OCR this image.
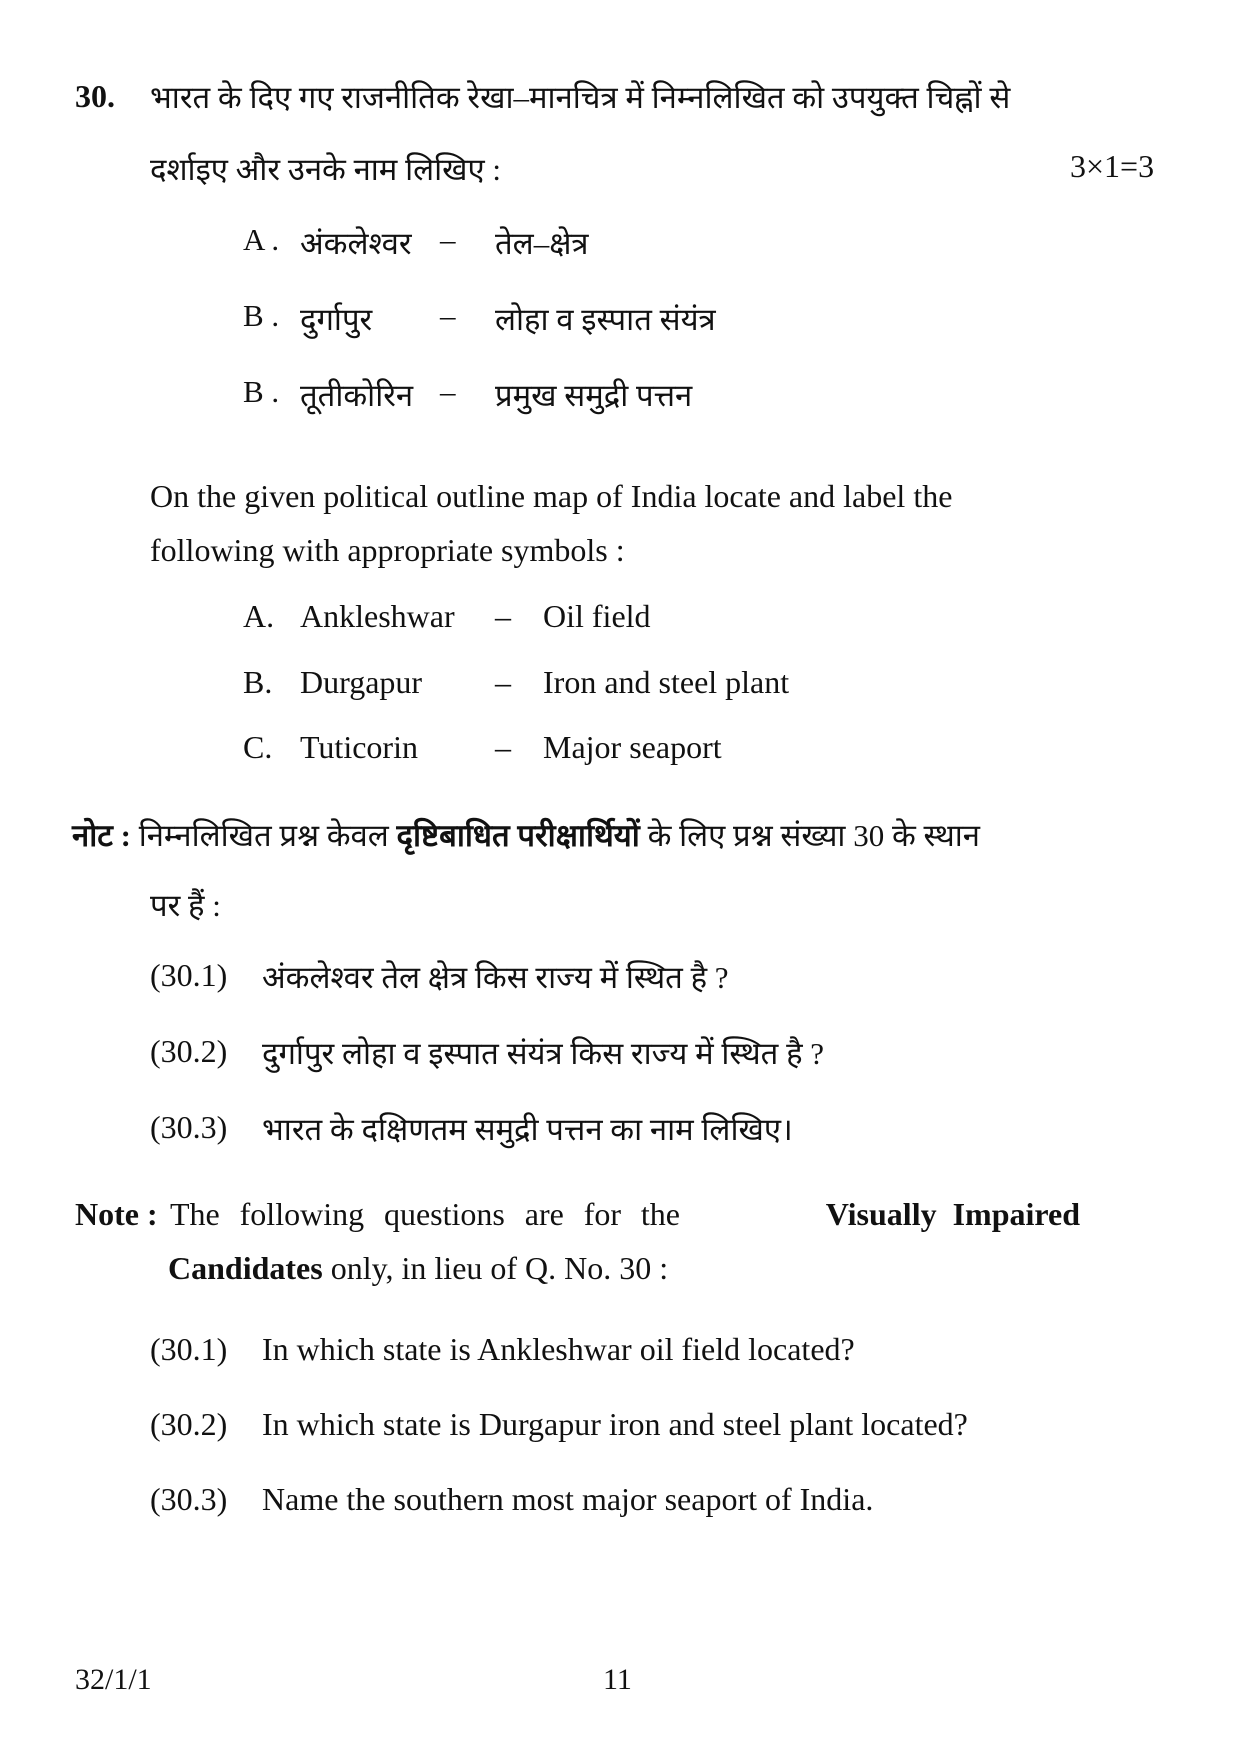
30. भारत के दिए गए राजनीतिक रेखा–मानचित्र में निम्नलिखित को उपयुक्त चिह्नों से
दर्शाइए और उनके नाम लिखिए :	3×1=3
A . अंकलेश्वर – तेल–क्षेत्र
B . दुर्गापुर – लोहा व इस्पात संयंत्र
B . तूतीकोरिन – प्रमुख समुद्री पत्तन
On the given political outline map of India locate and label the
following with appropriate symbols :
A. Ankleshwar – Oil field
B. Durgapur – Iron and steel plant
C. Tuticorin – Major seaport
नोट : निम्नलिखित प्रश्न केवल दृष्टिबाधित परीक्षार्थियों के लिए प्रश्न संख्या 30 के स्थान
पर हैं :
(30.1) अंकलेश्वर तेल क्षेत्र किस राज्य में स्थित है ?
(30.2) दुर्गापुर लोहा व इस्पात संयंत्र किस राज्य में स्थित है ?
(30.3) भारत के दक्षिणतम समुद्री पत्तन का नाम लिखिए।
Note : The following questions are for the	Visually Impaired
Candidates only, in lieu of Q. No. 30 :
(30.1) In which state is Ankleshwar oil field located?
(30.2) In which state is Durgapur iron and steel plant located?
(30.3) Name the southern most major seaport of India.
32/1/1	11
